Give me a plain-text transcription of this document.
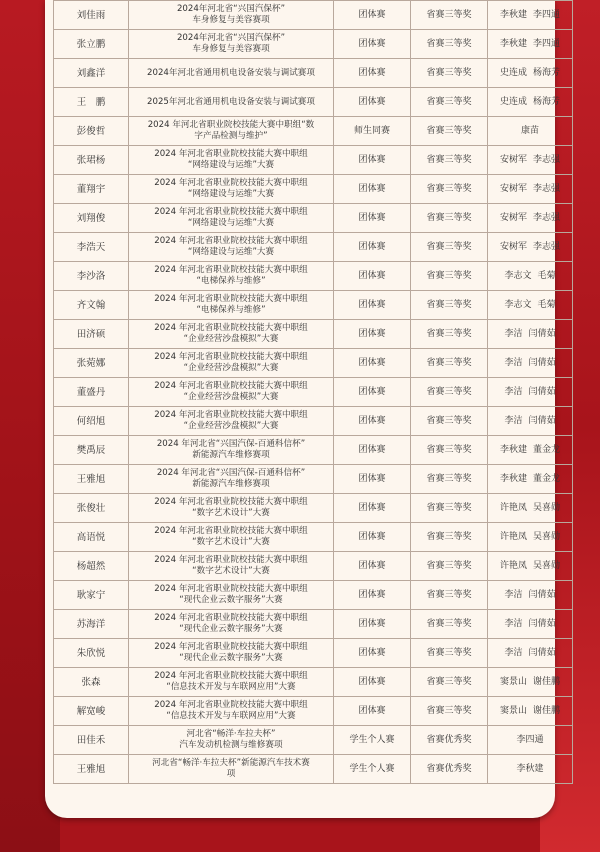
刘佳雨	2024年河北省“兴国汽保杯”
车身修复与美容赛项	团体赛	省赛三等奖	李秋建 李四通
张立鹏	2024年河北省“兴国汽保杯”
车身修复与美容赛项	团体赛	省赛三等奖	李秋建 李四通
刘鑫洋	2024年河北省通用机电设备安装与调试赛项	团体赛	省赛三等奖	史连成 杨海芳
王　鹏	2025年河北省通用机电设备安装与调试赛项	团体赛	省赛三等奖	史连成 杨海芳
彭俊哲	2024 年河北省职业院校技能大赛中职组“数
字产品检测与维护”	师生同赛	省赛三等奖	康苗
张珺杨	2024 年河北省职业院校技能大赛中职组
“网络建设与运维”大赛	团体赛	省赛三等奖	安树军 李志强
董翔宇	2024 年河北省职业院校技能大赛中职组
“网络建设与运维”大赛	团体赛	省赛三等奖	安树军 李志强
刘翔俊	2024 年河北省职业院校技能大赛中职组
“网络建设与运维”大赛	团体赛	省赛三等奖	安树军 李志强
李浩天	2024 年河北省职业院校技能大赛中职组
“网络建设与运维”大赛	团体赛	省赛三等奖	安树军 李志强
李沙洛	2024 年河北省职业院校技能大赛中职组
“电梯保养与维修”	团体赛	省赛三等奖	李志文 毛菊
齐文翰	2024 年河北省职业院校技能大赛中职组
“电梯保养与维修”	团体赛	省赛三等奖	李志文 毛菊
田济硕	2024 年河北省职业院校技能大赛中职组
“企业经营沙盘模拟”大赛	团体赛	省赛三等奖	李洁 闫倩茹
张菀娜	2024 年河北省职业院校技能大赛中职组
“企业经营沙盘模拟”大赛	团体赛	省赛三等奖	李洁 闫倩茹
董盛丹	2024 年河北省职业院校技能大赛中职组
“企业经营沙盘模拟”大赛	团体赛	省赛三等奖	李洁 闫倩茹
何绍旭	2024 年河北省职业院校技能大赛中职组
“企业经营沙盘模拟”大赛	团体赛	省赛三等奖	李洁 闫倩茹
樊禹辰	2024 年河北省“兴国汽保-百通科信杯”
新能源汽车维修赛项	团体赛	省赛三等奖	李秋建 董金龙
王雅旭	2024 年河北省“兴国汽保-百通科信杯”
新能源汽车维修赛项	团体赛	省赛三等奖	李秋建 董金龙
张俊壮	2024 年河北省职业院校技能大赛中职组
“数字艺术设计”大赛	团体赛	省赛三等奖	许艳凤 吴喜勋
高语悦	2024 年河北省职业院校技能大赛中职组
“数字艺术设计”大赛	团体赛	省赛三等奖	许艳凤 吴喜勋
杨超然	2024 年河北省职业院校技能大赛中职组
“数字艺术设计”大赛	团体赛	省赛三等奖	许艳凤 吴喜勋
耿家宁	2024 年河北省职业院校技能大赛中职组
“现代企业云数字服务”大赛	团体赛	省赛三等奖	李洁 闫倩茹
苏海洋	2024 年河北省职业院校技能大赛中职组
“现代企业云数字服务”大赛	团体赛	省赛三等奖	李洁 闫倩茹
朱欣悦	2024 年河北省职业院校技能大赛中职组
“现代企业云数字服务”大赛	团体赛	省赛三等奖	李洁 闫倩茹
张森	2024 年河北省职业院校技能大赛中职组
“信息技术开发与车联网应用”大赛	团体赛	省赛三等奖	窦景山 谢佳鹏
解宽峻	2024 年河北省职业院校技能大赛中职组
“信息技术开发与车联网应用”大赛	团体赛	省赛三等奖	窦景山 谢佳鹏
田佳禾	河北省“畅洋·车拉夫杯”
汽车发动机检测与维修赛项	学生个人赛	省赛优秀奖	李四通
王雅旭	河北省“畅洋·车拉夫杯”新能源汽车技术赛
项	学生个人赛	省赛优秀奖	李秋建
